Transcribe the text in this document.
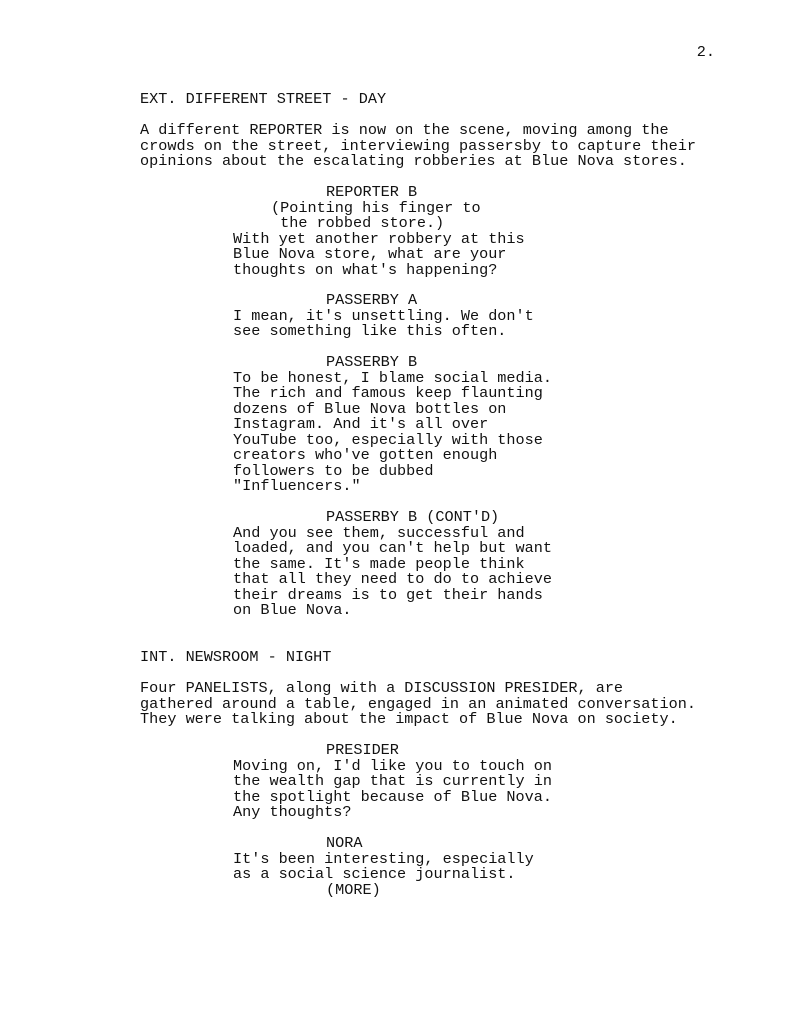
2.
EXT. DIFFERENT STREET - DAY
A different REPORTER is now on the scene, moving among the
crowds on the street, interviewing passersby to capture their
opinions about the escalating robberies at Blue Nova stores.
REPORTER B
(Pointing his finger to
the robbed store.)
With yet another robbery at this
Blue Nova store, what are your
thoughts on what's happening?
PASSERBY A
I mean, it's unsettling. We don't
see something like this often.
PASSERBY B
To be honest, I blame social media.
The rich and famous keep flaunting
dozens of Blue Nova bottles on
Instagram. And it's all over
YouTube too, especially with those
creators who've gotten enough
followers to be dubbed
"Influencers."
PASSERBY B (CONT'D)
And you see them, successful and
loaded, and you can't help but want
the same. It's made people think
that all they need to do to achieve
their dreams is to get their hands
on Blue Nova.
INT. NEWSROOM - NIGHT
Four PANELISTS, along with a DISCUSSION PRESIDER, are
gathered around a table, engaged in an animated conversation.
They were talking about the impact of Blue Nova on society.
PRESIDER
Moving on, I'd like you to touch on
the wealth gap that is currently in
the spotlight because of Blue Nova.
Any thoughts?
NORA
It's been interesting, especially
as a social science journalist.
(MORE)
